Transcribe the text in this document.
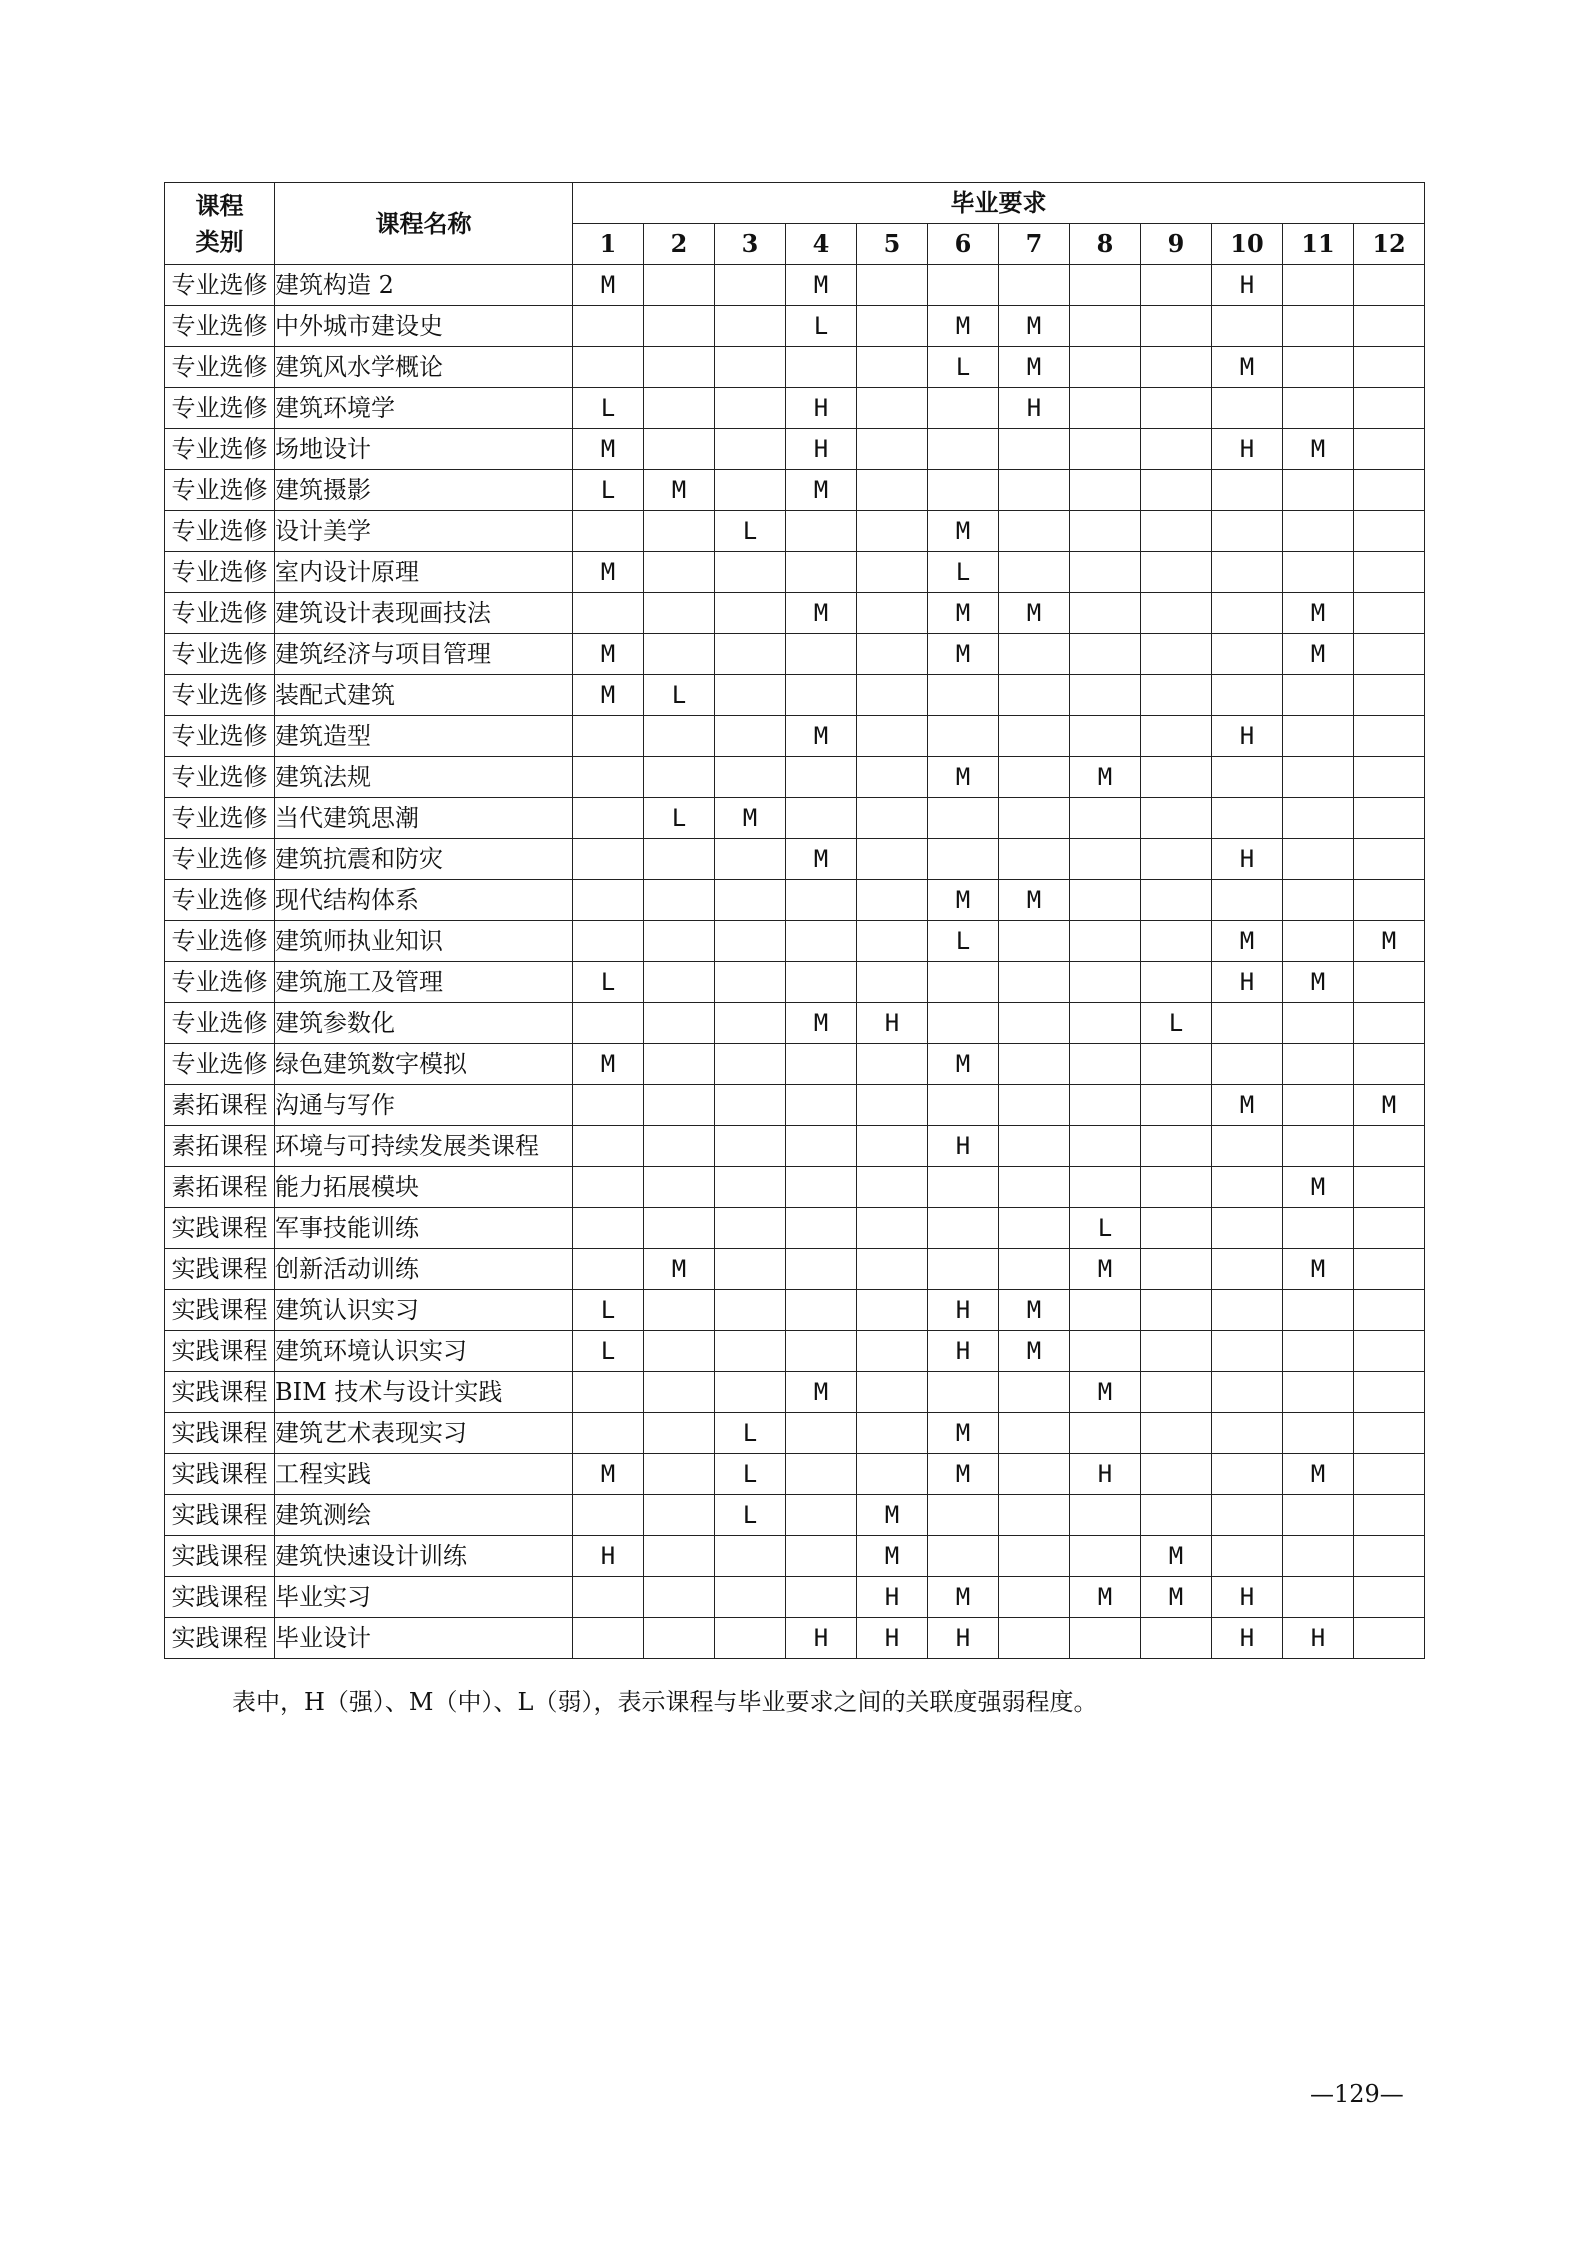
课程
类别	课程名称	毕业要求											
		1	2	3	4	5	6	7	8	9	10	11	12
专业选修	建筑构造 2	M			M						H		
专业选修	中外城市建设史				L		M	M					
专业选修	建筑风水学概论						L	M			M		
专业选修	建筑环境学	L			H			H					
专业选修	场地设计	M			H						H	M	
专业选修	建筑摄影	L	M		M								
专业选修	设计美学			L			M						
专业选修	室内设计原理	M					L						
专业选修	建筑设计表现画技法				M		M	M				M	
专业选修	建筑经济与项目管理	M					M					M	
专业选修	装配式建筑	M	L										
专业选修	建筑造型				M						H		
专业选修	建筑法规						M		M				
专业选修	当代建筑思潮		L	M									
专业选修	建筑抗震和防灾				M						H		
专业选修	现代结构体系						M	M					
专业选修	建筑师执业知识						L				M		M
专业选修	建筑施工及管理	L									H	M	
专业选修	建筑参数化				M	H				L			
专业选修	绿色建筑数字模拟	M					M						
素拓课程	沟通与写作										M		M
素拓课程	环境与可持续发展类课程						H						
素拓课程	能力拓展模块											M	
实践课程	军事技能训练								L				
实践课程	创新活动训练		M						M			M	
实践课程	建筑认识实习	L					H	M					
实践课程	建筑环境认识实习	L					H	M					
实践课程	BIM 技术与设计实践				M				M				
实践课程	建筑艺术表现实习			L			M						
实践课程	工程实践	M		L			M		H			M	
实践课程	建筑测绘			L		M							
实践课程	建筑快速设计训练	H				M				M			
实践课程	毕业实习					H	M		M	M	H		
实践课程	毕业设计				H	H	H				H	H	
表中，H（强）、M（中）、L（弱），表示课程与毕业要求之间的关联度强弱程度。
—129—
